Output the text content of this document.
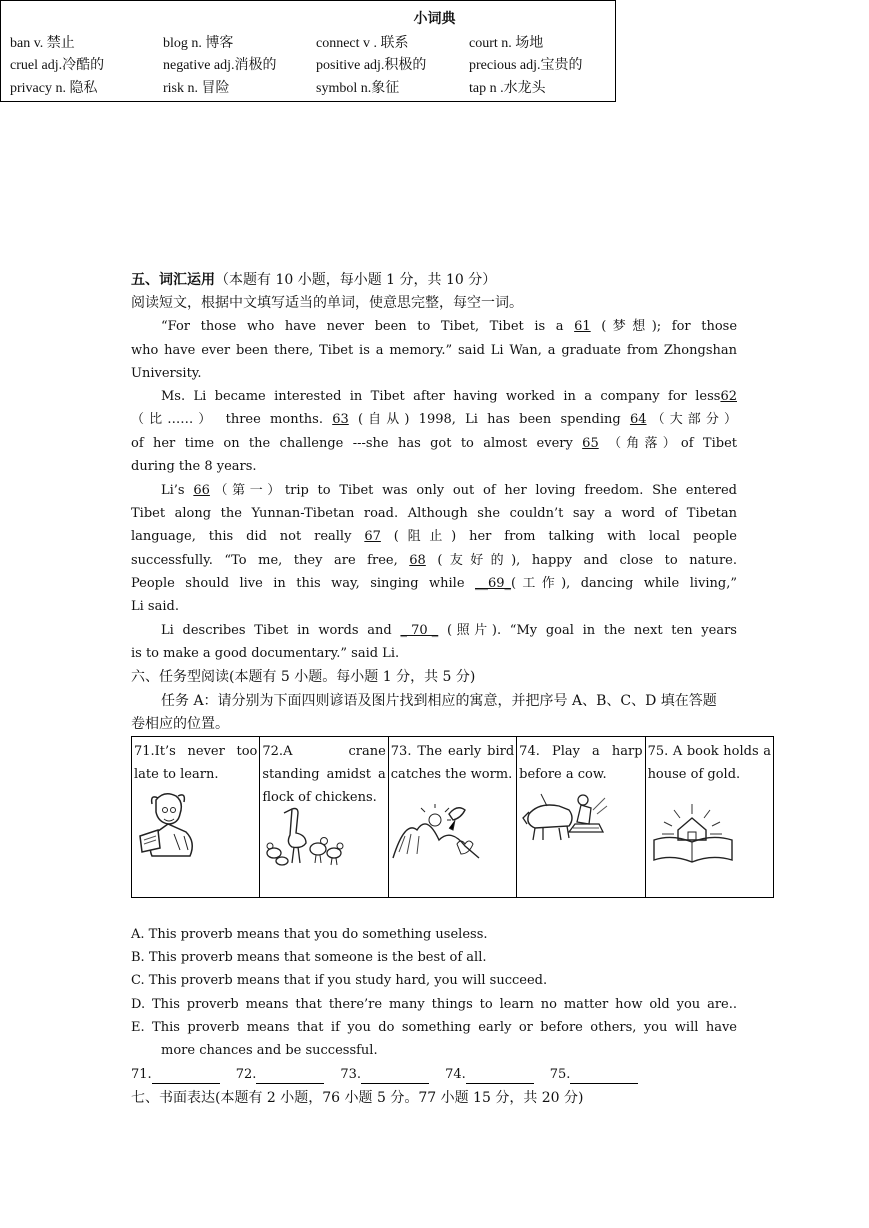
小词典
ban v. 禁止	blog n. 博客	connect v . 联系	court n. 场地
cruel adj.冷酷的	negative adj.消极的	positive adj.积极的	precious adj.宝贵的
privacy n. 隐私	risk n. 冒险	symbol n.象征	tap n .水龙头
五、词汇运用（本题有 10 小题，每小题 1 分，共 10 分）
阅读短文，根据中文填写适当的单词，使意思完整，每空一词。
“For those who have never been to Tibet, Tibet is a 61 (梦想); for those
who have ever been there, Tibet is a memory.” said Li Wan, a graduate from Zhongshan
University.
Ms. Li became interested in Tibet after having worked in a company for less62
（比……） three months. 63 (自从) 1998, Li has been spending 64（大部分）
of her time on the challenge ---she has got to almost every 65 （角落）of Tibet
during the 8 years.
Li’s 66（第一）trip to Tibet was only out of her loving freedom. She entered
Tibet along the Yunnan-Tibetan road. Although she couldn’t say a word of Tibetan
language, this did not really 67 (阻止) her from talking with local people
successfully. “To me, they are free, 68 (友好的), happy and close to nature.
People should live in this way, singing while __69_(工作), dancing while living,”
Li said.
Li describes Tibet in words and _ 70 _ (照片). “My goal in the next ten years
is to make a good documentary.” said Li.
六、任务型阅读(本题有 5 小题。每小题 1 分，共 5 分)
任务 A：请分别为下面四则谚语及图片找到相应的寓意，并把序号 A、B、C、D 填在答题
卷相应的位置。
71.It’s never too late to learn.

72.A crane standing amidst a flock of chickens.

73. The early bird catches the worm.

74. Play a harp before a cow.

75. A book holds a house of gold.
A. This proverb means that you do something useless.
B. This proverb means that someone is the best of all.
C. This proverb means that if you study hard, you will succeed.
D. This proverb means that there’re many things to learn no matter how old you are..
E. This proverb means that if you do something early or before others, you will have
more chances and be successful.
71.	72.	73.	74.	75.
七、书面表达(本题有 2 小题，76 小题 5 分。77 小题 15 分，共 20 分)
